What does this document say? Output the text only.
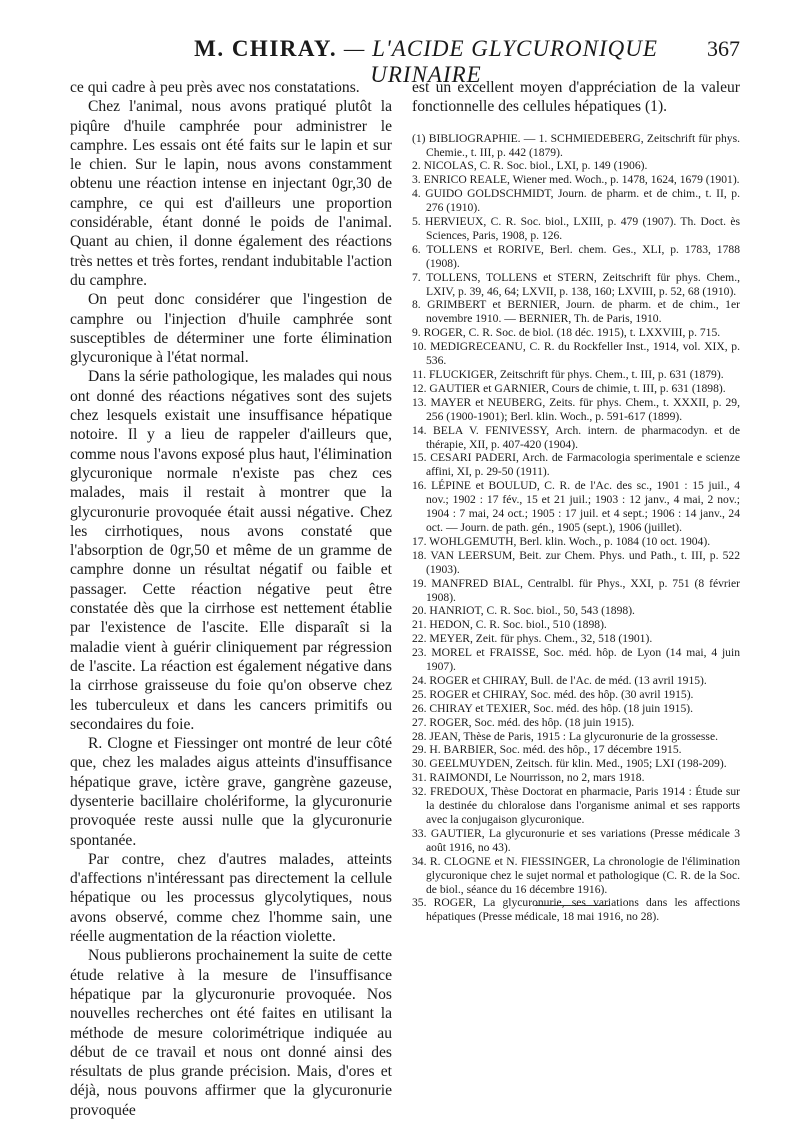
M. CHIRAY. — L'ACIDE GLYCURONIQUE URINAIRE
367

ce qui cadre à peu près avec nos constatations.

Chez l'animal, nous avons pratiqué plutôt la piqûre d'huile camphrée pour administrer le camphre. Les essais ont été faits sur le lapin et sur le chien. Sur le lapin, nous avons constamment obtenu une réaction intense en injectant 0gr,30 de camphre, ce qui est d'ailleurs une proportion considérable, étant donné le poids de l'animal. Quant au chien, il donne également des réactions très nettes et très fortes, rendant indubitable l'action du camphre.

On peut donc considérer que l'ingestion de camphre ou l'injection d'huile camphrée sont susceptibles de déterminer une forte élimination glycuronique à l'état normal.

Dans la série pathologique, les malades qui nous ont donné des réactions négatives sont des sujets chez lesquels existait une insuffisance hépatique notoire. Il y a lieu de rappeler d'ailleurs que, comme nous l'avons exposé plus haut, l'élimination glycuronique normale n'existe pas chez ces malades, mais il restait à montrer que la glycuronurie provoquée était aussi négative. Chez les cirrhotiques, nous avons constaté que l'absorption de 0gr,50 et même de un gramme de camphre donne un résultat négatif ou faible et passager. Cette réaction négative peut être constatée dès que la cirrhose est nettement établie par l'existence de l'ascite. Elle disparaît si la maladie vient à guérir cliniquement par régression de l'ascite. La réaction est également négative dans la cirrhose graisseuse du foie qu'on observe chez les tuberculeux et dans les cancers primitifs ou secondaires du foie.

R. Clogne et Fiessinger ont montré de leur côté que, chez les malades aigus atteints d'insuffisance hépatique grave, ictère grave, gangrène gazeuse, dysenterie bacillaire cholériforme, la glycuronurie provoquée reste aussi nulle que la glycuronurie spontanée.

Par contre, chez d'autres malades, atteints d'affections n'intéressant pas directement la cellule hépatique ou les processus glycolytiques, nous avons observé, comme chez l'homme sain, une réelle augmentation de la réaction violette.

Nous publierons prochainement la suite de cette étude relative à la mesure de l'insuffisance hépatique par la glycuronurie provoquée. Nos nouvelles recherches ont été faites en utilisant la méthode de mesure colorimétrique indiquée au début de ce travail et nous ont donné ainsi des résultats de plus grande précision. Mais, d'ores et déjà, nous pouvons affirmer que la glycuronurie provoquée

est un excellent moyen d'appréciation de la valeur fonctionnelle des cellules hépatiques (1).

(1) BIBLIOGRAPHIE. — 1. SCHMIEDEBERG, Zeitschrift für phys. Chemie., t. III, p. 442 (1879).
2. NICOLAS, C. R. Soc. biol., LXI, p. 149 (1906).
3. ENRICO REALE, Wiener med. Woch., p. 1478, 1624, 1679 (1901).
4. GUIDO GOLDSCHMIDT, Journ. de pharm. et de chim., t. II, p. 276 (1910).
5. HERVIEUX, C. R. Soc. biol., LXIII, p. 479 (1907). Th. Doct. ès Sciences, Paris, 1908, p. 126.
6. TOLLENS et RORIVE, Berl. chem. Ges., XLI, p. 1783, 1788 (1908).
7. TOLLENS, TOLLENS et STERN, Zeitschrift für phys. Chem., LXIV, p. 39, 46, 64; LXVII, p. 138, 160; LXVIII, p. 52, 68 (1910).
8. GRIMBERT et BERNIER, Journ. de pharm. et de chim., 1er novembre 1910. — BERNIER, Th. de Paris, 1910.
9. ROGER, C. R. Soc. de biol. (18 déc. 1915), t. LXXVIII, p. 715.
10. MEDIGRECEANU, C. R. du Rockfeller Inst., 1914, vol. XIX, p. 536.
11. FLUCKIGER, Zeitschrift für phys. Chem., t. III, p. 631 (1879).
12. GAUTIER et GARNIER, Cours de chimie, t. III, p. 631 (1898).
13. MAYER et NEUBERG, Zeits. für phys. Chem., t. XXXII, p. 29, 256 (1900-1901); Berl. klin. Woch., p. 591-617 (1899).
14. BELA V. FENIVESSY, Arch. intern. de pharmacodyn. et de thérapie, XII, p. 407-420 (1904).
15. CESARI PADERI, Arch. de Farmacologia sperimentale e scienze affini, XI, p. 29-50 (1911).
16. LÉPINE et BOULUD, C. R. de l'Ac. des sc., 1901 : 15 juil., 4 nov.; 1902 : 17 fév., 15 et 21 juil.; 1903 : 12 janv., 4 mai, 2 nov.; 1904 : 7 mai, 24 oct.; 1905 : 17 juil. et 4 sept.; 1906 : 14 janv., 24 oct. — Journ. de path. gén., 1905 (sept.), 1906 (juillet).
17. WOHLGEMUTH, Berl. klin. Woch., p. 1084 (10 oct. 1904).
18. VAN LEERSUM, Beit. zur Chem. Phys. und Path., t. III, p. 522 (1903).
19. MANFRED BIAL, Centralbl. für Phys., XXI, p. 751 (8 février 1908).
20. HANRIOT, C. R. Soc. biol., 50, 543 (1898).
21. HEDON, C. R. Soc. biol., 510 (1898).
22. MEYER, Zeit. für phys. Chem., 32, 518 (1901).
23. MOREL et FRAISSE, Soc. méd. hôp. de Lyon (14 mai, 4 juin 1907).
24. ROGER et CHIRAY, Bull. de l'Ac. de méd. (13 avril 1915).
25. ROGER et CHIRAY, Soc. méd. des hôp. (30 avril 1915).
26. CHIRAY et TEXIER, Soc. méd. des hôp. (18 juin 1915).
27. ROGER, Soc. méd. des hôp. (18 juin 1915).
28. JEAN, Thèse de Paris, 1915 : La glycuronurie de la grossesse.
29. H. BARBIER, Soc. méd. des hôp., 17 décembre 1915.
30. GEELMUYDEN, Zeitsch. für klin. Med., 1905; LXI (198-209).
31. RAIMONDI, Le Nourrisson, no 2, mars 1918.
32. FREDOUX, Thèse Doctorat en pharmacie, Paris 1914 : Étude sur la destinée du chloralose dans l'organisme animal et ses rapports avec la conjugaison glycuronique.
33. GAUTIER, La glycuronurie et ses variations (Presse médicale 3 août 1916, no 43).
34. R. CLOGNE et N. FIESSINGER, La chronologie de l'élimination glycuronique chez le sujet normal et pathologique (C. R. de la Soc. de biol., séance du 16 décembre 1916).
35. ROGER, La glycuronurie, ses variations dans les affections hépatiques (Presse médicale, 18 mai 1916, no 28).
